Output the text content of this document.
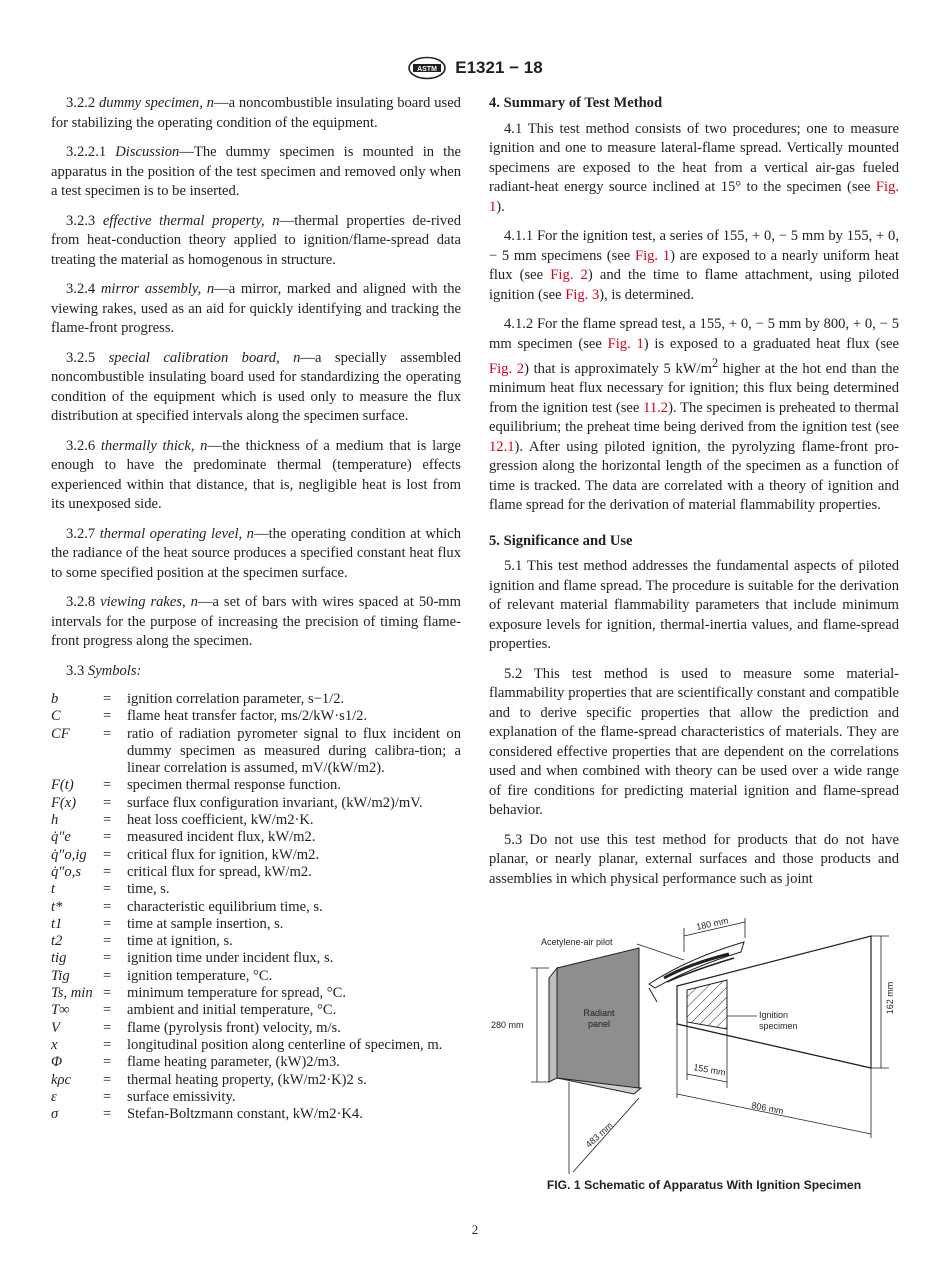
ASTM E1321 − 18

3.2.2 dummy specimen, n—a noncombustible insulating board used for stabilizing the operating condition of the equipment.

3.2.2.1 Discussion—The dummy specimen is mounted in the apparatus in the position of the test specimen and removed only when a test specimen is to be inserted.

3.2.3 effective thermal property, n—thermal properties de-rived from heat-conduction theory applied to ignition/flame-spread data treating the material as homogenous in structure.

3.2.4 mirror assembly, n—a mirror, marked and aligned with the viewing rakes, used as an aid for quickly identifying and tracking the flame-front progress.

3.2.5 special calibration board, n—a specially assembled noncombustible insulating board used for standardizing the operating condition of the equipment which is used only to measure the flux distribution at specified intervals along the specimen surface.

3.2.6 thermally thick, n—the thickness of a medium that is large enough to have the predominate thermal (temperature) effects experienced within that distance, that is, negligible heat is lost from its unexposed side.

3.2.7 thermal operating level, n—the operating condition at which the radiance of the heat source produces a specified constant heat flux to some specified position at the specimen surface.

3.2.8 viewing rakes, n—a set of bars with wires spaced at 50-mm intervals for the purpose of increasing the precision of timing flame-front progress along the specimen.

3.3 Symbols:

b	=	ignition correlation parameter, s−1/2.
C	=	flame heat transfer factor, ms/2/kW·s1/2.
CF	=	ratio of radiation pyrometer signal to flux incident on dummy specimen as measured during calibra-tion; a linear correlation is assumed, mV/(kW/m2).
F(t)	=	specimen thermal response function.
F(x)	=	surface flux configuration invariant, (kW/m2)/mV.
h	=	heat loss coefficient, kW/m2·K.
q̇″e	=	measured incident flux, kW/m2.
q̇″o,ig	=	critical flux for ignition, kW/m2.
q̇″o,s	=	critical flux for spread, kW/m2.
t	=	time, s.
t*	=	characteristic equilibrium time, s.
t1	=	time at sample insertion, s.
t2	=	time at ignition, s.
tig	=	ignition time under incident flux, s.
Tig	=	ignition temperature, °C.
Ts, min =	minimum temperature for spread, °C.
T∞	=	ambient and initial temperature, °C.
V	=	flame (pyrolysis front) velocity, m/s.
x	=	longitudinal position along centerline of specimen, m.
Φ	=	flame heating parameter, (kW)2/m3.
kρc	=	thermal heating property, (kW/m2·K)2 s.
ε	=	surface emissivity.
σ	=	Stefan-Boltzmann constant, kW/m2·K4.
4. Summary of Test Method

4.1 This test method consists of two procedures; one to measure ignition and one to measure lateral-flame spread. Vertically mounted specimens are exposed to the heat from a vertical air-gas fueled radiant-heat energy source inclined at 15° to the specimen (see Fig. 1).

4.1.1 For the ignition test, a series of 155, + 0, − 5 mm by 155, + 0, − 5 mm specimens (see Fig. 1) are exposed to a nearly uniform heat flux (see Fig. 2) and the time to flame attachment, using piloted ignition (see Fig. 3), is determined.

4.1.2 For the flame spread test, a 155, + 0, − 5 mm by 800, + 0, − 5 mm specimen (see Fig. 1) is exposed to a graduated heat flux (see Fig. 2) that is approximately 5 $kW/m^2$ higher at the hot end than the minimum heat flux necessary for ignition; this flux being determined from the ignition test (see 11.2). The specimen is preheated to thermal equilibrium; the preheat time being derived from the ignition test (see 12.1). After using piloted ignition, the pyrolyzing flame-front pro-gression along the horizontal length of the specimen as a function of time is tracked. The data are correlated with a theory of ignition and flame spread for the derivation of material flammability properties.

5. Significance and Use

5.1 This test method addresses the fundamental aspects of piloted ignition and flame spread. The procedure is suitable for the derivation of relevant material flammability parameters that include minimum exposure levels for ignition, thermal-inertia values, and flame-spread properties.

5.2 This test method is used to measure some material-flammability properties that are scientifically constant and compatible and to derive specific properties that allow the prediction and explanation of the flame-spread characteristics of materials. They are considered effective properties that are dependent on the correlations used and when combined with theory can be used over a wide range of fire conditions for predicting material ignition and flame-spread behavior.

5.3 Do not use this test method for products that do not have planar, or nearly planar, external surfaces and those products and assemblies in which physical performance such as joint

Acetylene-air pilot
180 mm
162 mm
280 mm
Radiant
panel
Ignition
specimen
155 mm
806 mm
483 mm
FIG. 1 Schematic of Apparatus With Ignition Specimen
2
